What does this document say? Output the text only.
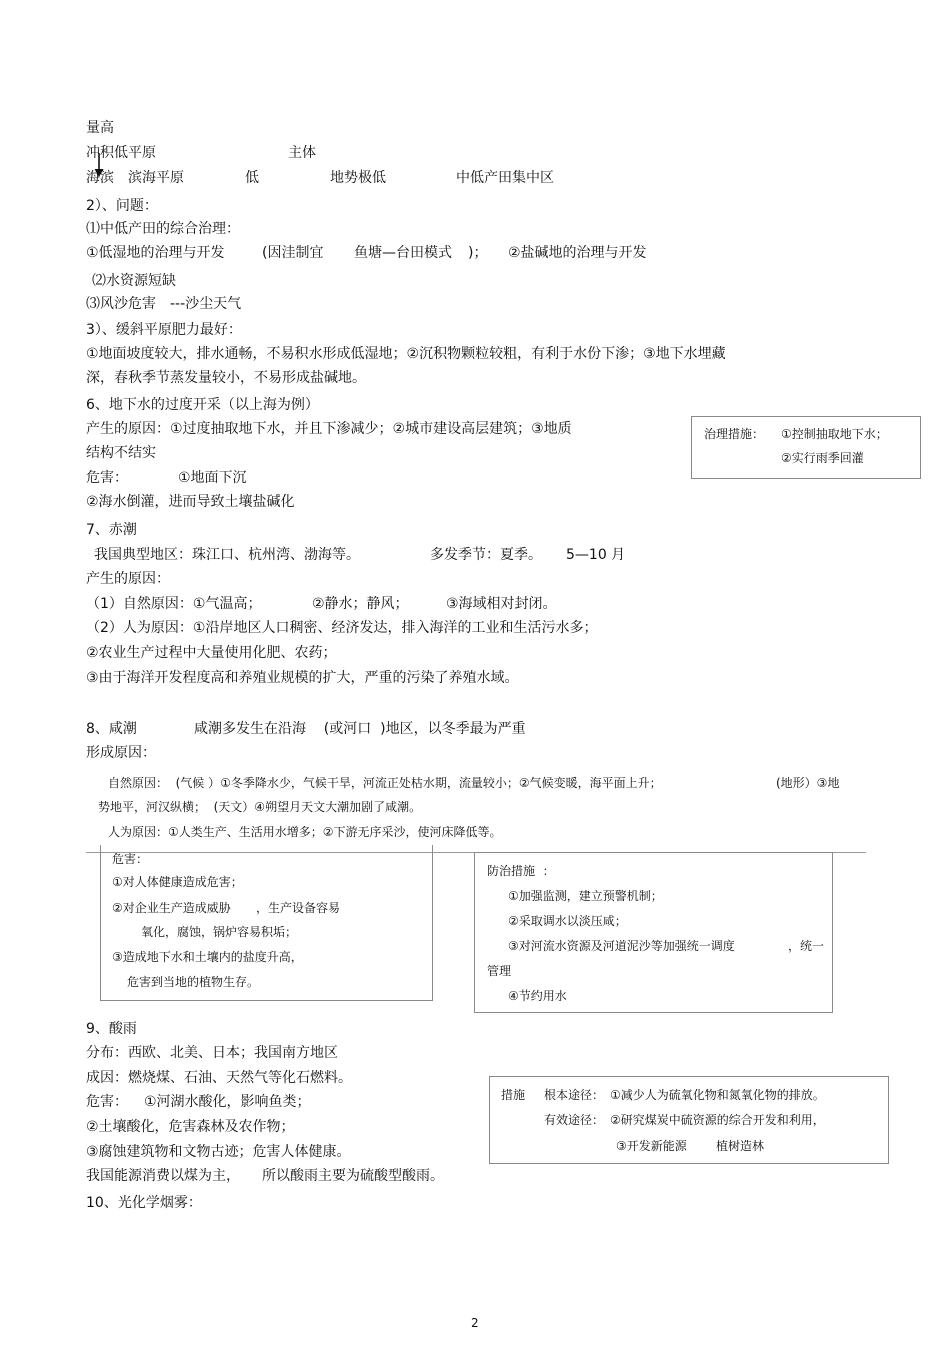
量高
冲积低平原	主体
海滨 滨海平原	低	地势极低	中低产田集中区
2）、问题：
⑴中低产田的综合治理：
①低湿地的治理与开发	(因洼制宜 鱼塘—台田模式 )； ②盐碱地的治理与开发
⑵水资源短缺
⑶风沙危害 ---沙尘天气
3）、缓斜平原肥力最好：
①地面坡度较大，排水通畅，不易积水形成低湿地；②沉积物颗粒较粗，有利于水份下渗；③地下水埋藏
深，春秋季节蒸发量较小，不易形成盐碱地。
6、地下水的过度开采（以上海为例）
产生的原因：①过度抽取地下水，并且下渗减少；②城市建设高层建筑；③地质
结构不结实
危害：	①地面下沉
②海水倒灌，进而导致土壤盐碱化
治理措施： ①控制抽取地下水；
②实行雨季回灌
7、赤潮
我国典型地区：珠江口、杭州湾、渤海等。	多发季节：夏季。 5—10 月
产生的原因：
（1）自然原因：①气温高；	②静水；静风；	③海域相对封闭。
（2）人为原因：①沿岸地区人口稠密、经济发达，排入海洋的工业和生活污水多；
②农业生产过程中大量使用化肥、农药；
③由于海洋开发程度高和养殖业规模的扩大，严重的污染了养殖水域。
8、咸潮	咸潮多发生在沿海    (或河口  )地区，以冬季最为严重
形成原因：
自然原因：  (气候 ）①冬季降水少，气候干旱，河流正处枯水期，流量较小；②气候变暖，海平面上升；	(地形）③地
势地平，河汉纵横；  (天文）④朔望月天文大潮加剧了咸潮。
人为原因：①人类生产、生活用水增多；②下游无序采沙，使河床降低等。
危害：
①对人体健康造成危害；
②对企业生产造成威胁 ，生产设备容易
氧化，腐蚀，锅炉容易积垢；
③造成地下水和土壤内的盐度升高，
危害到当地的植物生存。
防治措施  ：
①加强监测，建立预警机制；
②采取调水以淡压咸；
③对河流水资源及河道泥沙等加强统一调度	，统一
管理
④节约用水
9、酸雨
分布：西欧、北美、日本；我国南方地区
成因：燃烧煤、石油、天然气等化石燃料。
危害： ①河湖水酸化，影响鱼类；
②土壤酸化，危害森林及农作物；
③腐蚀建筑物和文物古迹；危害人体健康。
我国能源消费以煤为主， 所以酸雨主要为硫酸型酸雨。
措施 根本途径： ①减少人为硫氧化物和氮氧化物的排放。
有效途径： ②研究煤炭中硫资源的综合开发和利用，
③开发新能源 植树造林
10、光化学烟雾：
2
